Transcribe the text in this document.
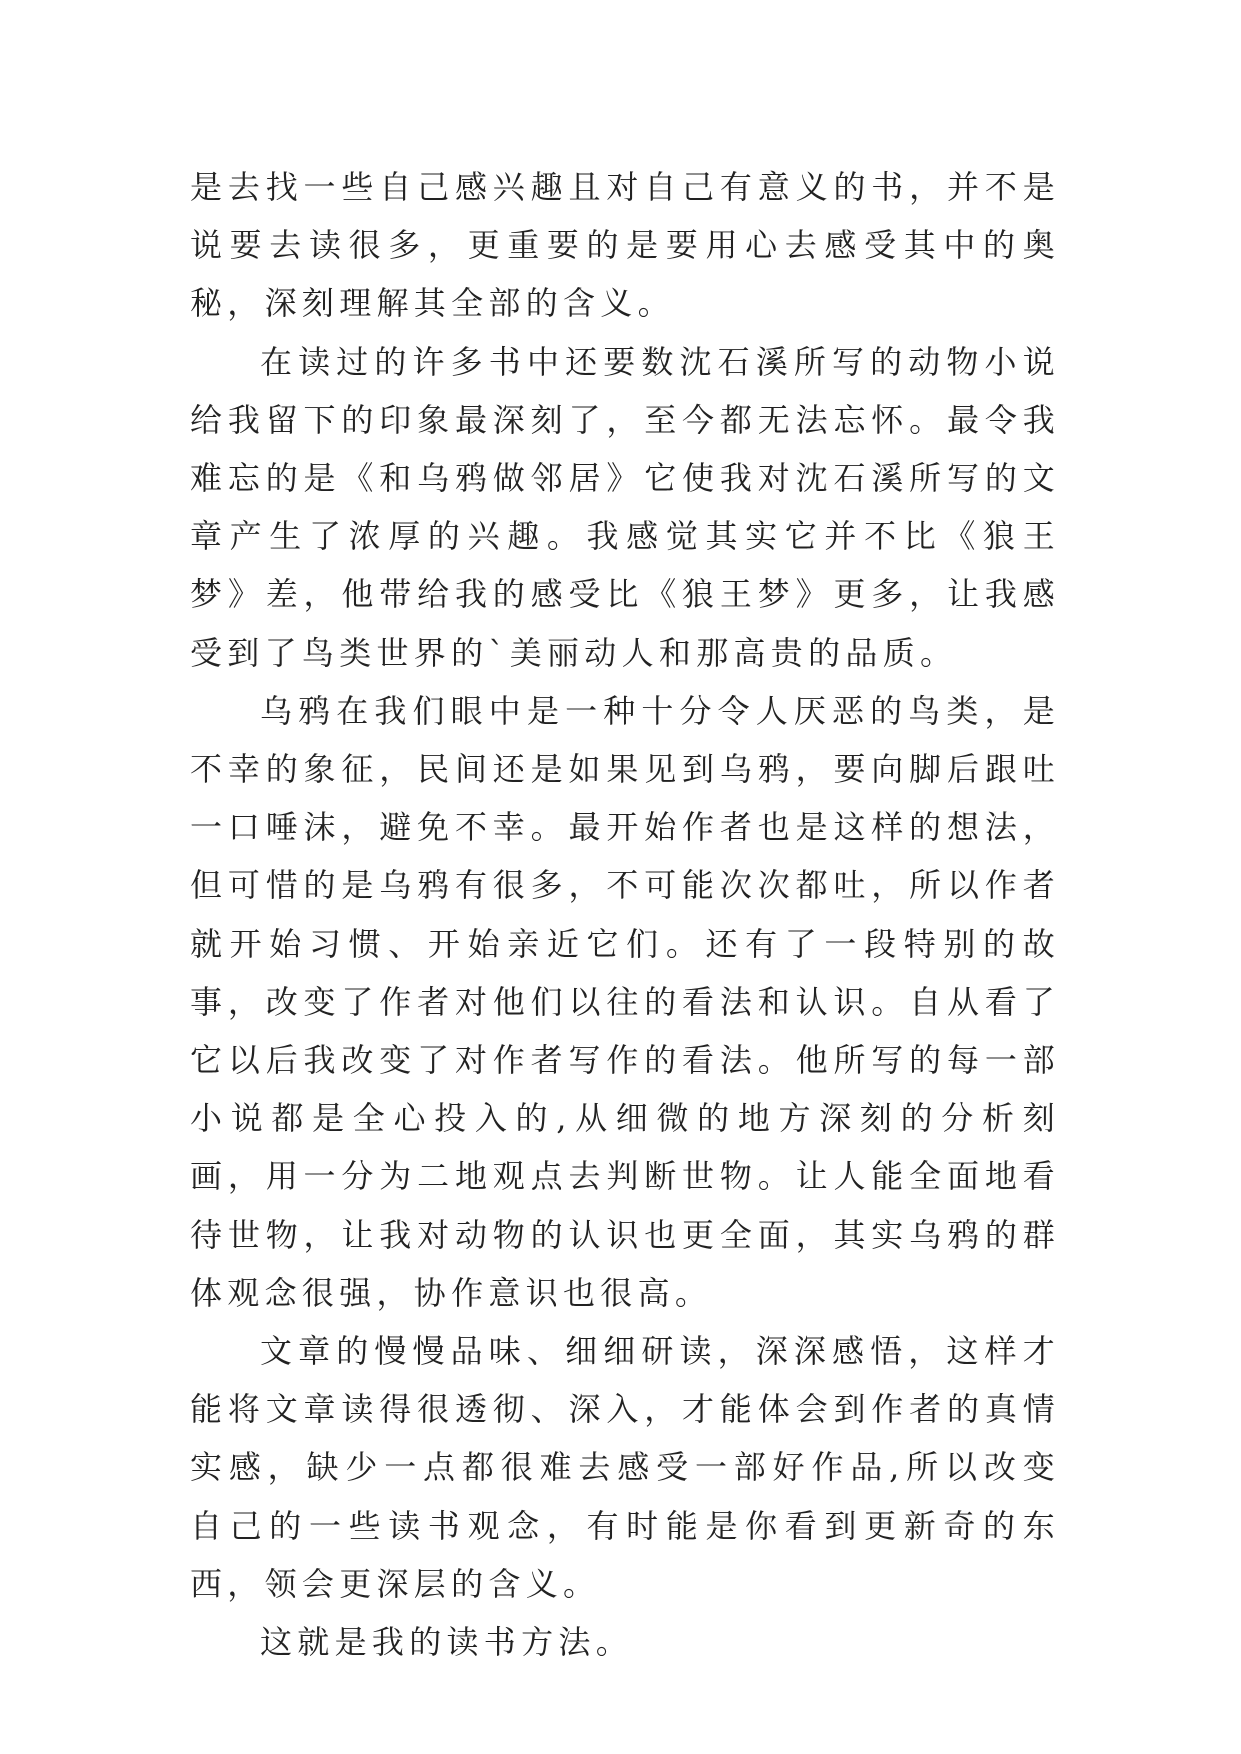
是去找一些自己感兴趣且对自己有意义的书，并不是说要去读很多，更重要的是要用心去感受其中的奥秘，深刻理解其全部的含义。

在读过的许多书中还要数沈石溪所写的动物小说给我留下的印象最深刻了，至今都无法忘怀。最令我难忘的是《和乌鸦做邻居》它使我对沈石溪所写的文章产生了浓厚的兴趣。我感觉其实它并不比《狼王梦》差，他带给我的感受比《狼王梦》更多，让我感受到了鸟类世界的`美丽动人和那高贵的品质。

乌鸦在我们眼中是一种十分令人厌恶的鸟类，是不幸的象征，民间还是如果见到乌鸦，要向脚后跟吐一口唾沫，避免不幸。最开始作者也是这样的想法，但可惜的是乌鸦有很多，不可能次次都吐，所以作者就开始习惯、开始亲近它们。还有了一段特别的故事，改变了作者对他们以往的看法和认识。自从看了它以后我改变了对作者写作的看法。他所写的每一部小说都是全心投入的,从细微的地方深刻的分析刻画，用一分为二地观点去判断世物。让人能全面地看待世物，让我对动物的认识也更全面，其实乌鸦的群体观念很强，协作意识也很高。

文章的慢慢品味、细细研读，深深感悟，这样才能将文章读得很透彻、深入，才能体会到作者的真情实感，缺少一点都很难去感受一部好作品,所以改变自己的一些读书观念，有时能是你看到更新奇的东西，领会更深层的含义。

这就是我的读书方法。
